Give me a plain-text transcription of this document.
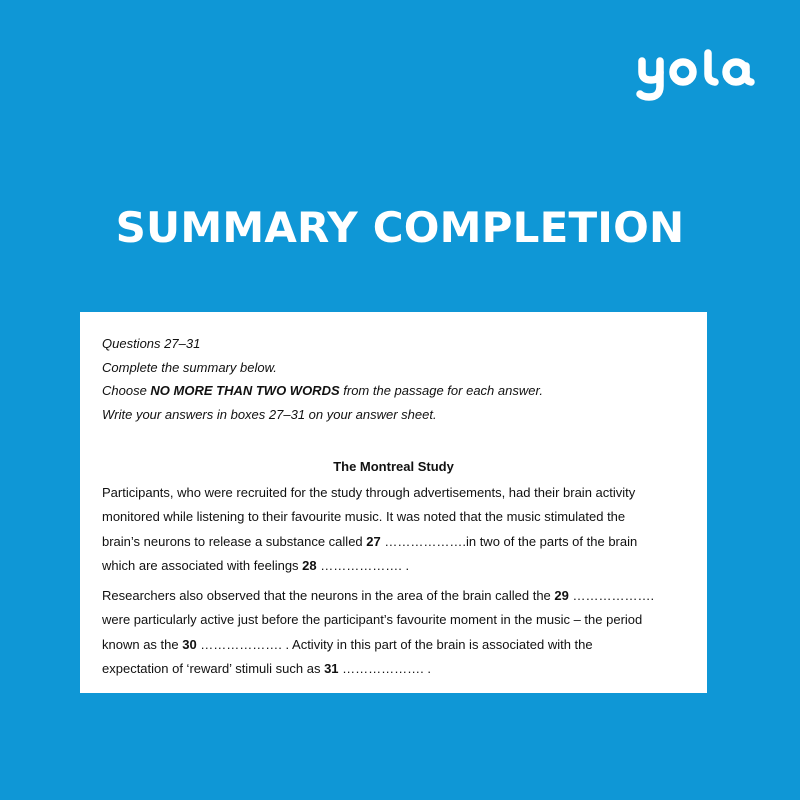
SUMMARY COMPLETION
Questions 27–31
Complete the summary below.
Choose NO MORE THAN TWO WORDS from the passage for each answer.
Write your answers in boxes 27–31 on your answer sheet.
The Montreal Study
Participants, who were recruited for the study through advertisements, had their brain activity
monitored while listening to their favourite music. It was noted that the music stimulated the
brain’s neurons to release a substance called 27 ……………….in two of the parts of the brain
which are associated with feelings 28 ………………. .
Researchers also observed that the neurons in the area of the brain called the 29 ……………….
were particularly active just before the participant’s favourite moment in the music – the period
known as the 30 ………………. . Activity in this part of the brain is associated with the
expectation of ‘reward’ stimuli such as 31 ………………. .
